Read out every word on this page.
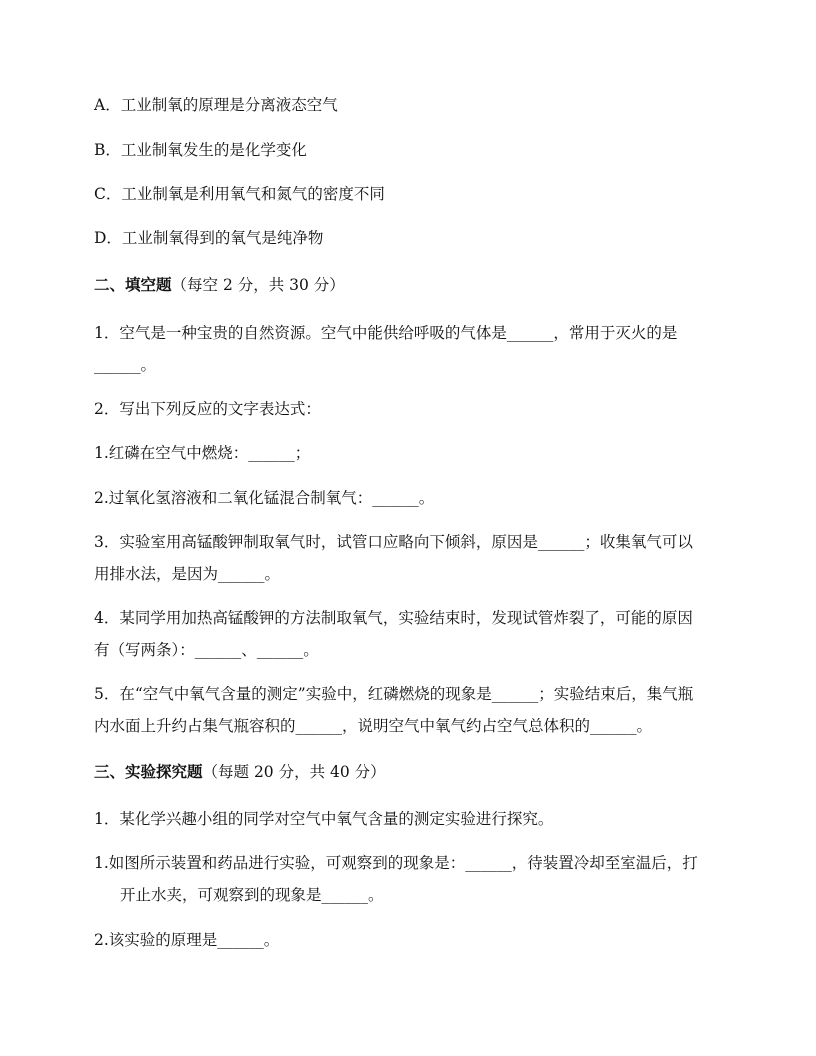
A．工业制氧的原理是分离液态空气

B．工业制氧发生的是化学变化

C．工业制氧是利用氧气和氮气的密度不同

D．工业制氧得到的氧气是纯净物

二、填空题（每空 2 分，共 30 分）

1．空气是一种宝贵的自然资源。空气中能供给呼吸的气体是______，常用于灭火的是

______。

2．写出下列反应的文字表达式：

1.红磷在空气中燃烧：______；

2.过氧化氢溶液和二氧化锰混合制氧气：______。

3．实验室用高锰酸钾制取氧气时，试管口应略向下倾斜，原因是______；收集氧气可以

用排水法，是因为______。

4．某同学用加热高锰酸钾的方法制取氧气，实验结束时，发现试管炸裂了，可能的原因

有（写两条）：______、______。

5．在“空气中氧气含量的测定”实验中，红磷燃烧的现象是______；实验结束后，集气瓶

内水面上升约占集气瓶容积的______，说明空气中氧气约占空气总体积的______。

三、实验探究题（每题 20 分，共 40 分）

1．某化学兴趣小组的同学对空气中氧气含量的测定实验进行探究。

1.如图所示装置和药品进行实验，可观察到的现象是：______，待装置冷却至室温后，打

开止水夹，可观察到的现象是______。

2.该实验的原理是______。
